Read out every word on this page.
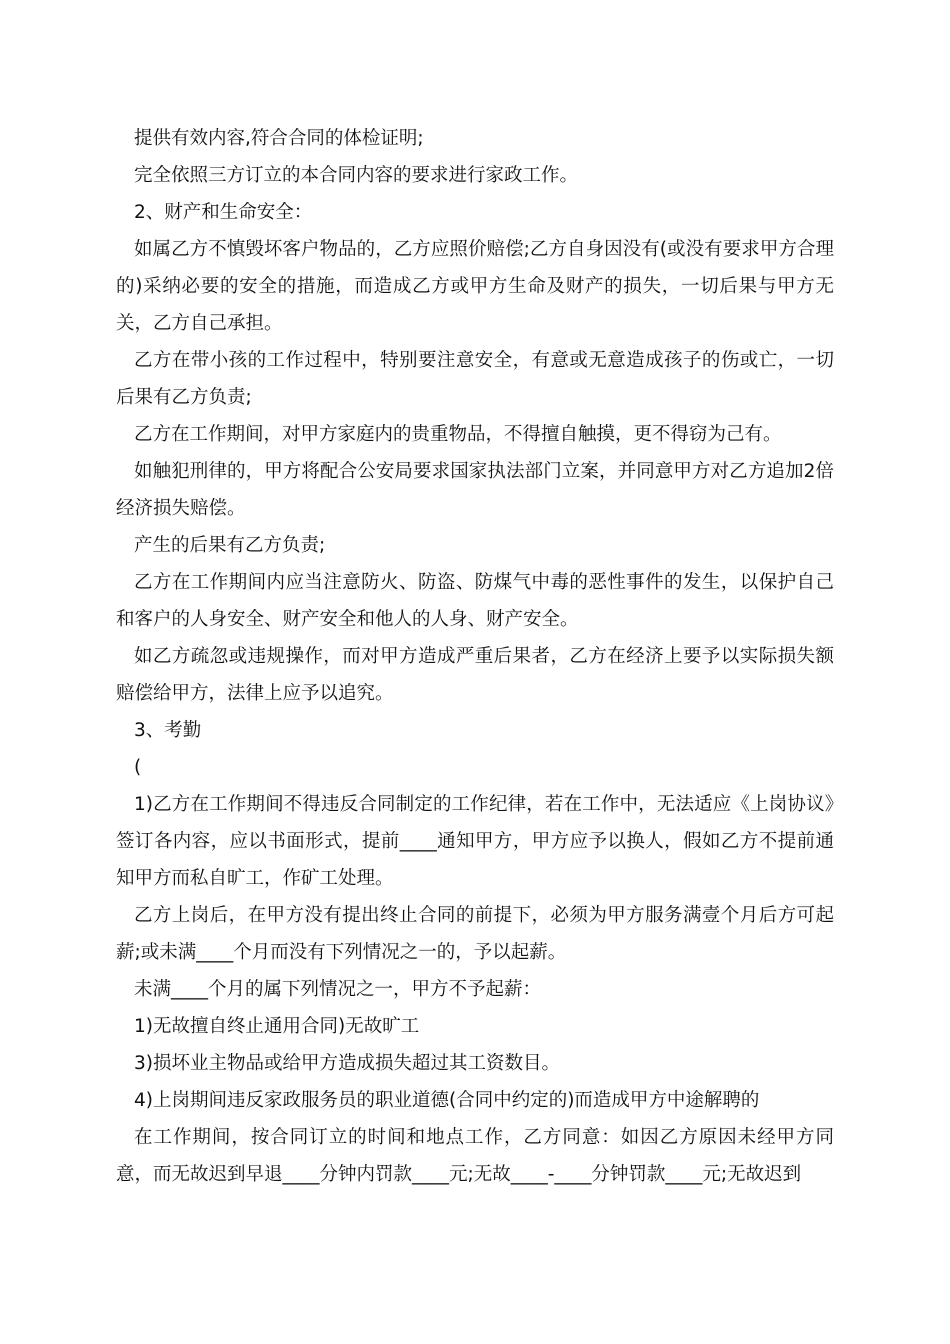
提供有效内容,符合合同的体检证明;

完全依照三方订立的本合同内容的要求进行家政工作。

2、财产和生命安全：

如属乙方不慎毁坏客户物品的，乙方应照价赔偿;乙方自身因没有(或没有要求甲方合理的)采纳必要的安全的措施，而造成乙方或甲方生命及财产的损失，一切后果与甲方无关，乙方自己承担。

乙方在带小孩的工作过程中，特别要注意安全，有意或无意造成孩子的伤或亡，一切后果有乙方负责;

乙方在工作期间，对甲方家庭内的贵重物品，不得擅自触摸，更不得窃为己有。

如触犯刑律的，甲方将配合公安局要求国家执法部门立案，并同意甲方对乙方追加2倍经济损失赔偿。

产生的后果有乙方负责;

乙方在工作期间内应当注意防火、防盗、防煤气中毒的恶性事件的发生，以保护自己和客户的人身安全、财产安全和他人的人身、财产安全。

如乙方疏忽或违规操作，而对甲方造成严重后果者，乙方在经济上要予以实际损失额赔偿给甲方，法律上应予以追究。

3、考勤

(

1)乙方在工作期间不得违反合同制定的工作纪律，若在工作中，无法适应《上岗协议》签订各内容，应以书面形式，提前____通知甲方，甲方应予以换人，假如乙方不提前通知甲方而私自旷工，作矿工处理。

乙方上岗后，在甲方没有提出终止合同的前提下，必须为甲方服务满壹个月后方可起薪;或未满____个月而没有下列情况之一的，予以起薪。

未满____个月的属下列情况之一，甲方不予起薪：

1)无故擅自终止通用合同)无故旷工

3)损坏业主物品或给甲方造成损失超过其工资数目。

4)上岗期间违反家政服务员的职业道德(合同中约定的)而造成甲方中途解聘的

在工作期间，按合同订立的时间和地点工作，乙方同意：如因乙方原因未经甲方同意，而无故迟到早退____分钟内罚款____元;无故____-____分钟罚款____元;无故迟到
